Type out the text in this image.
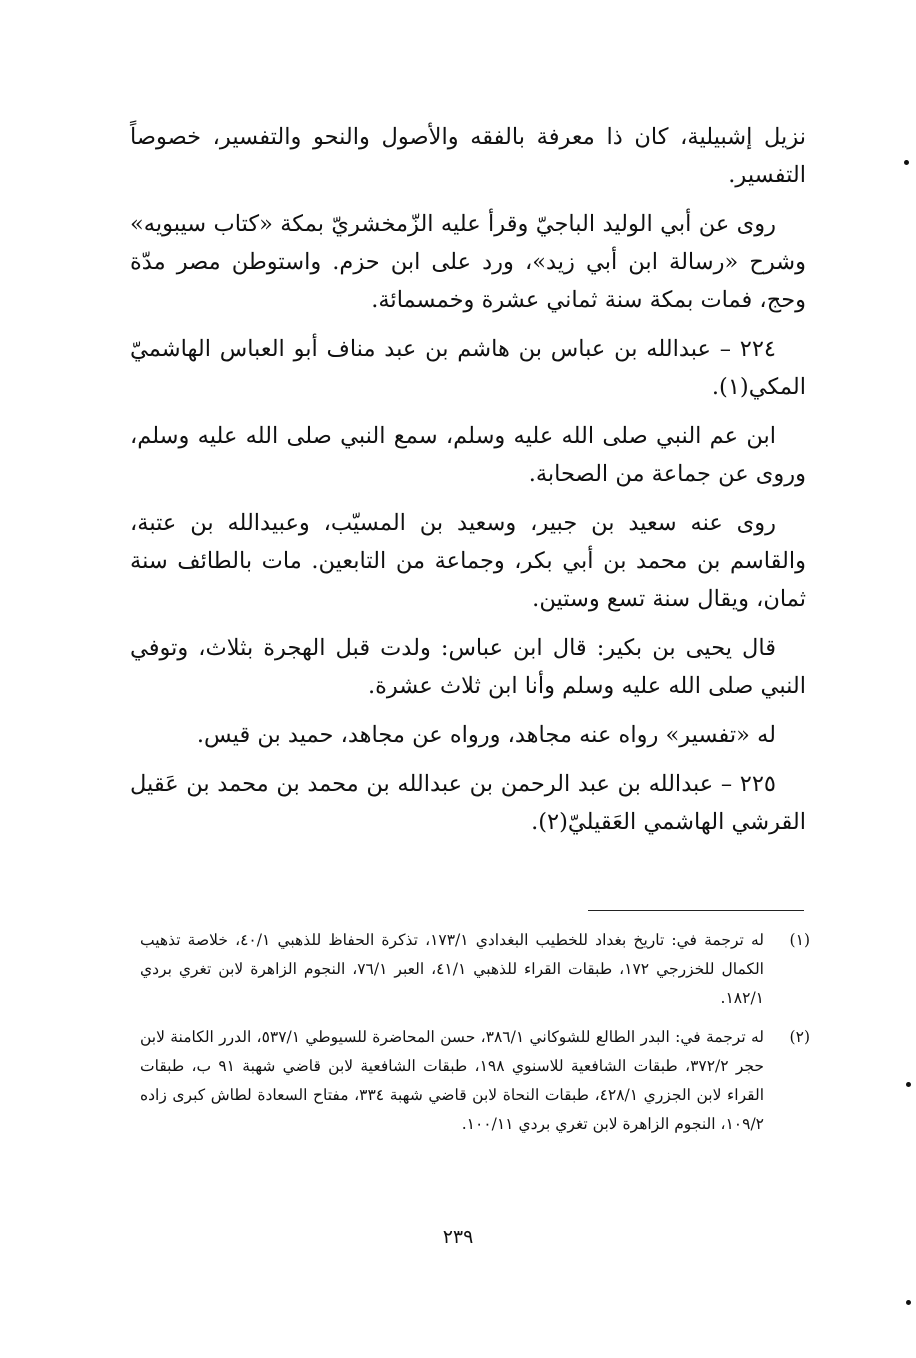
نزيل إشبيلية، كان ذا معرفة بالفقه والأصول والنحو والتفسير، خصوصاً التفسير.

روى عن أبي الوليد الباجيّ وقرأ عليه الزّمخشريّ بمكة «كتاب سيبويه» وشرح «رسالة ابن أبي زيد»، ورد على ابن حزم. واستوطن مصر مدّة وحج، فمات بمكة سنة ثماني عشرة وخمسمائة.

٢٢٤ – عبدالله بن عباس بن هاشم بن عبد مناف أبو العباس الهاشميّ المكي(١).

ابن عم النبي صلى الله عليه وسلم، سمع النبي صلى الله عليه وسلم، وروى عن جماعة من الصحابة.

روى عنه سعيد بن جبير، وسعيد بن المسيّب، وعبيدالله بن عتبة، والقاسم بن محمد بن أبي بكر، وجماعة من التابعين. مات بالطائف سنة ثمان، ويقال سنة تسع وستين.

قال يحيى بن بكير: قال ابن عباس: ولدت قبل الهجرة بثلاث، وتوفي النبي صلى الله عليه وسلم وأنا ابن ثلاث عشرة.

له «تفسير» رواه عنه مجاهد، ورواه عن مجاهد، حميد بن قيس.

٢٢٥ – عبدالله بن عبد الرحمن بن عبدالله بن محمد بن محمد بن عَقيل القرشي الهاشمي العَقيليّ(٢).

(١)
له ترجمة في: تاريخ بغداد للخطيب البغدادي ١٧٣/١، تذكرة الحفاظ للذهبي ٤٠/١، خلاصة تذهيب الكمال للخزرجي ١٧٢، طبقات القراء للذهبي ٤١/١، العبر ٧٦/١، النجوم الزاهرة لابن تغري بردي ١٨٢/١.
(٢)
له ترجمة في: البدر الطالع للشوكاني ٣٨٦/١، حسن المحاضرة للسيوطي ٥٣٧/١، الدرر الكامنة لابن حجر ٣٧٢/٢، طبقات الشافعية للاسنوي ١٩٨، طبقات الشافعية لابن قاضي شهبة ٩١ ب، طبقات القراء لابن الجزري ٤٢٨/١، طبقات النحاة لابن قاضي شهبة ٣٣٤، مفتاح السعادة لطاش كبرى زاده ١٠٩/٢، النجوم الزاهرة لابن تغري بردي ١٠٠/١١.
٢٣٩
